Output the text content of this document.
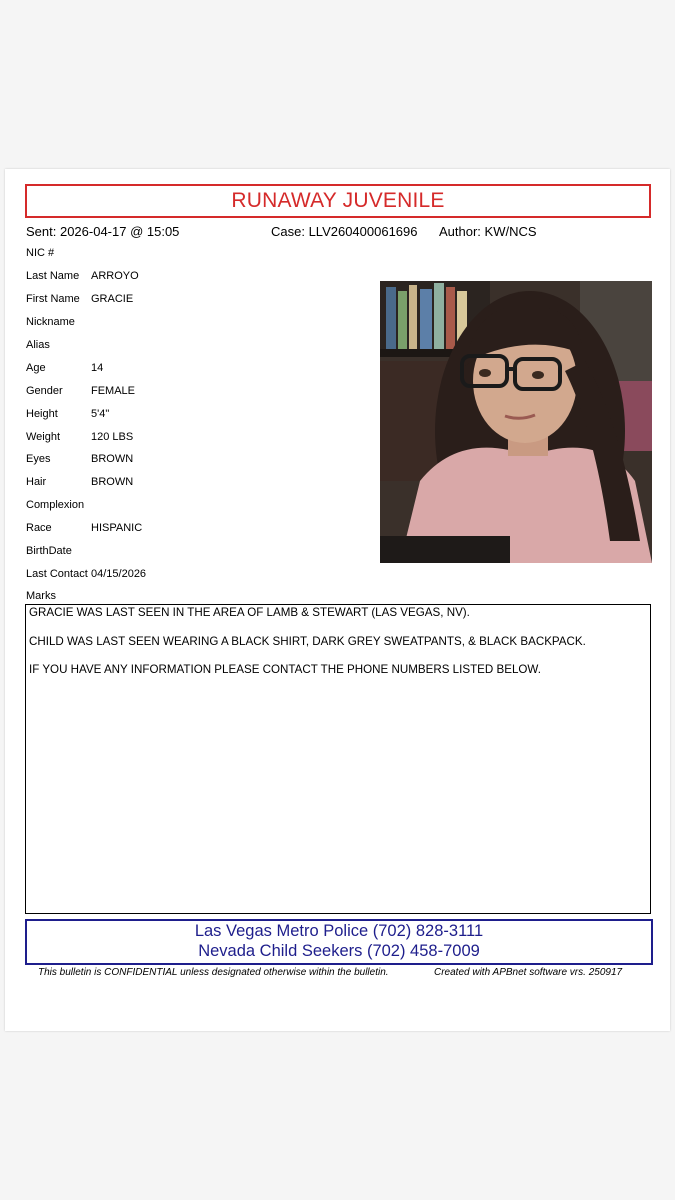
RUNAWAY JUVENILE
Sent: 2026-04-17 @ 15:05	Case: LLV260400061696 Author: KW/NCS
NIC #
Last Name ARROYO
First Name GRACIE
Nickname
Alias
Age	14
Gender	FEMALE
Height	5'4"
Weight	120 LBS
Eyes	BROWN
Hair	BROWN
Complexion
Race	HISPANIC
BirthDate
Last Contact 04/15/2026
Marks
GRACIE WAS LAST SEEN IN THE AREA OF LAMB & STEWART (LAS VEGAS, NV).
CHILD WAS LAST SEEN WEARING A BLACK SHIRT, DARK GREY SWEATPANTS, & BLACK BACKPACK.
IF YOU HAVE ANY INFORMATION PLEASE CONTACT THE PHONE NUMBERS LISTED BELOW.
Las Vegas Metro Police (702) 828-3111
Nevada Child Seekers (702) 458-7009
This bulletin is CONFIDENTIAL unless designated otherwise within the bulletin.	Created with APBnet software vrs. 250917
